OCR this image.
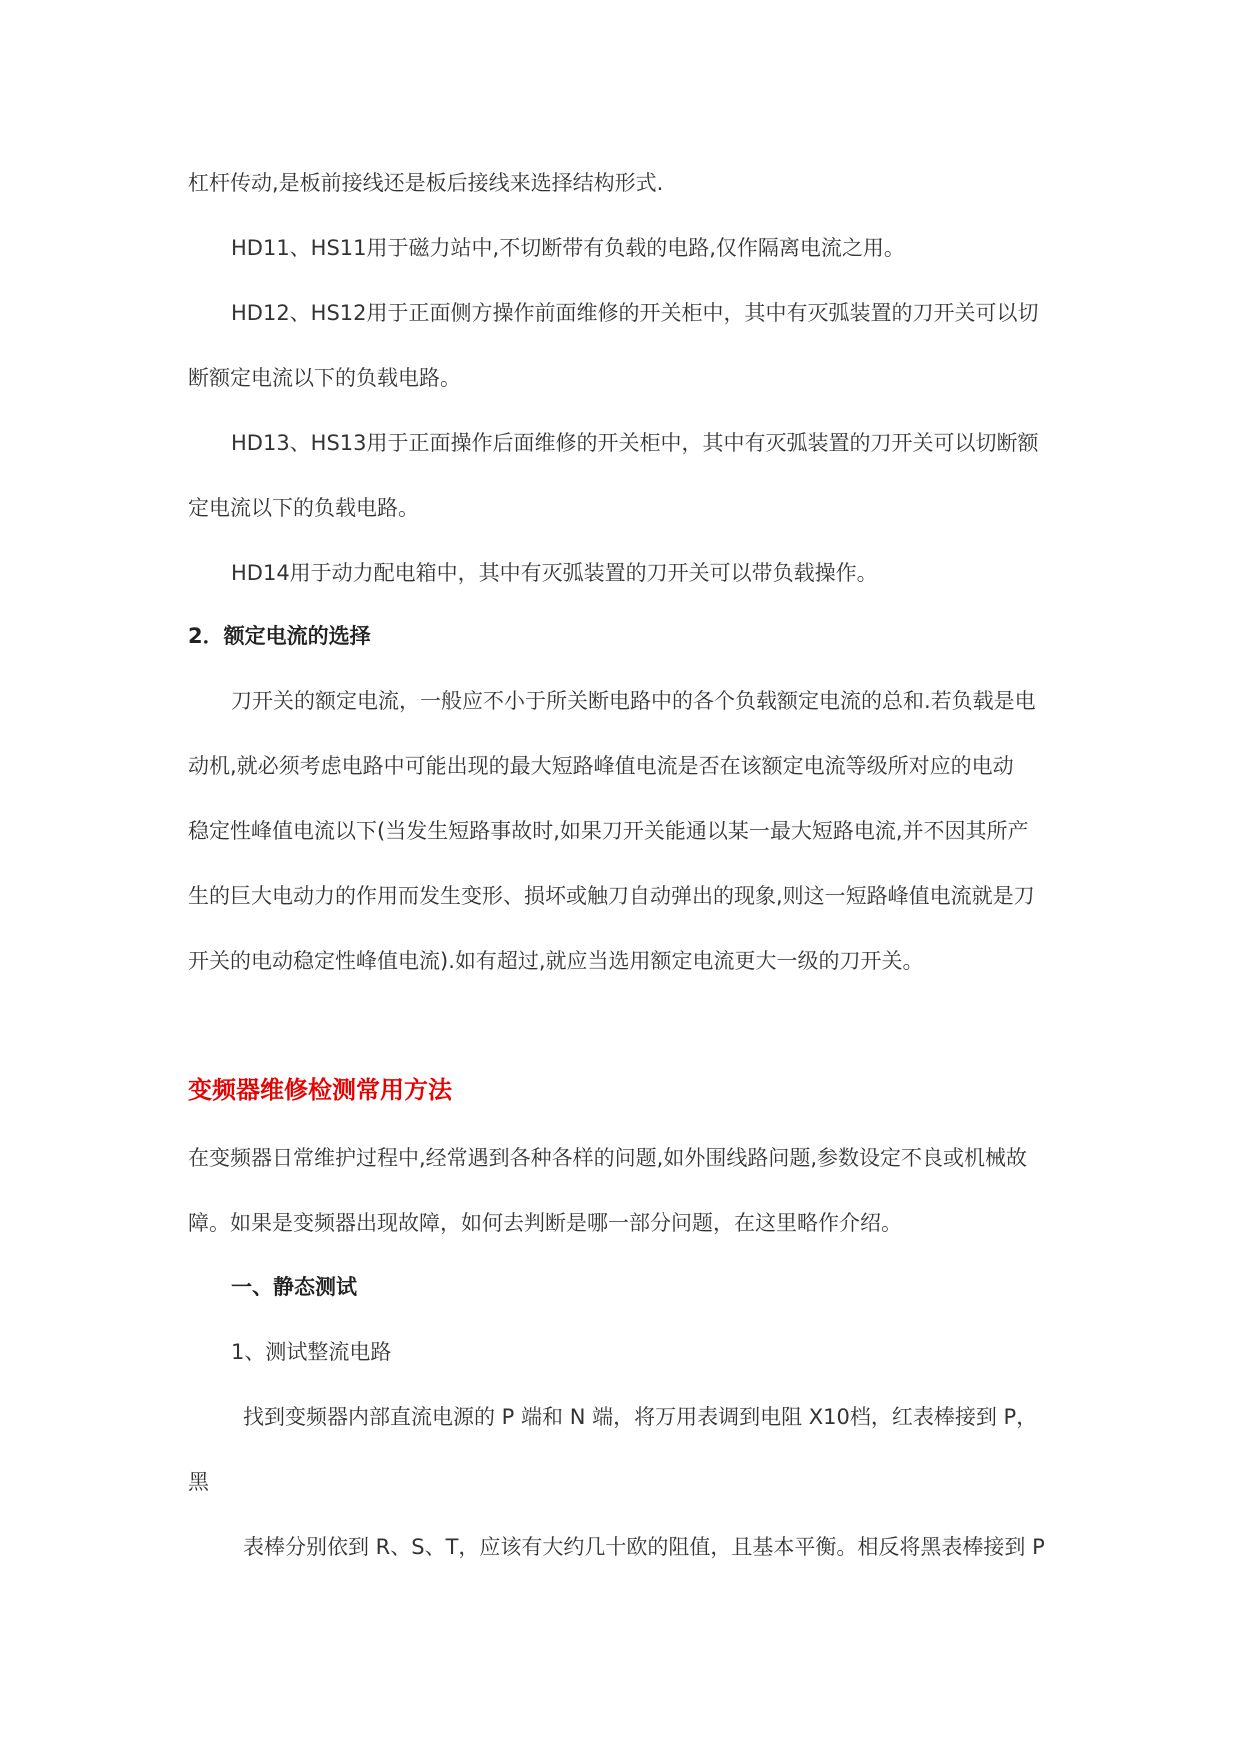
杠杆传动,是板前接线还是板后接线来选择结构形式.
HD11、HS11用于磁力站中,不切断带有负载的电路,仅作隔离电流之用。
HD12、HS12用于正面侧方操作前面维修的开关柜中，其中有灭弧装置的刀开关可以切
断额定电流以下的负载电路。
HD13、HS13用于正面操作后面维修的开关柜中，其中有灭弧装置的刀开关可以切断额
定电流以下的负载电路。
HD14用于动力配电箱中，其中有灭弧装置的刀开关可以带负载操作。
2．额定电流的选择
刀开关的额定电流，一般应不小于所关断电路中的各个负载额定电流的总和.若负载是电
动机,就必须考虑电路中可能出现的最大短路峰值电流是否在该额定电流等级所对应的电动
稳定性峰值电流以下(当发生短路事故时,如果刀开关能通以某一最大短路电流,并不因其所产
生的巨大电动力的作用而发生变形、损坏或触刀自动弹出的现象,则这一短路峰值电流就是刀
开关的电动稳定性峰值电流).如有超过,就应当选用额定电流更大一级的刀开关。
变频器维修检测常用方法
在变频器日常维护过程中,经常遇到各种各样的问题,如外围线路问题,参数设定不良或机械故
障。如果是变频器出现故障，如何去判断是哪一部分问题，在这里略作介绍。
一、静态测试
1、测试整流电路
找到变频器内部直流电源的 P 端和 N 端，将万用表调到电阻 X10档，红表棒接到 P，
黑
表棒分别依到 R、S、T，应该有大约几十欧的阻值，且基本平衡。相反将黑表棒接到 P
